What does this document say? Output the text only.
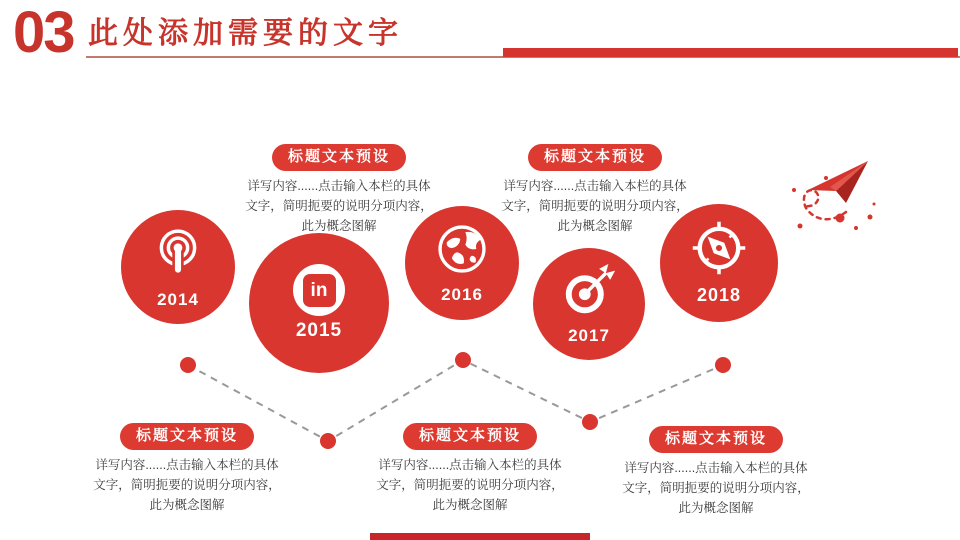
03 此处添加需要的文字
2014	in
2015
2016
2017
2018
标题文本预设
详写内容......点击输入本栏的具体
文字，简明扼要的说明分项内容，
此为概念图解
标题文本预设
详写内容......点击输入本栏的具体
文字，简明扼要的说明分项内容，
此为概念图解
标题文本预设
详写内容......点击输入本栏的具体
文字，简明扼要的说明分项内容，
此为概念图解
标题文本预设
详写内容......点击输入本栏的具体
文字，简明扼要的说明分项内容，
此为概念图解
标题文本预设
详写内容......点击输入本栏的具体
文字，简明扼要的说明分项内容，
此为概念图解
